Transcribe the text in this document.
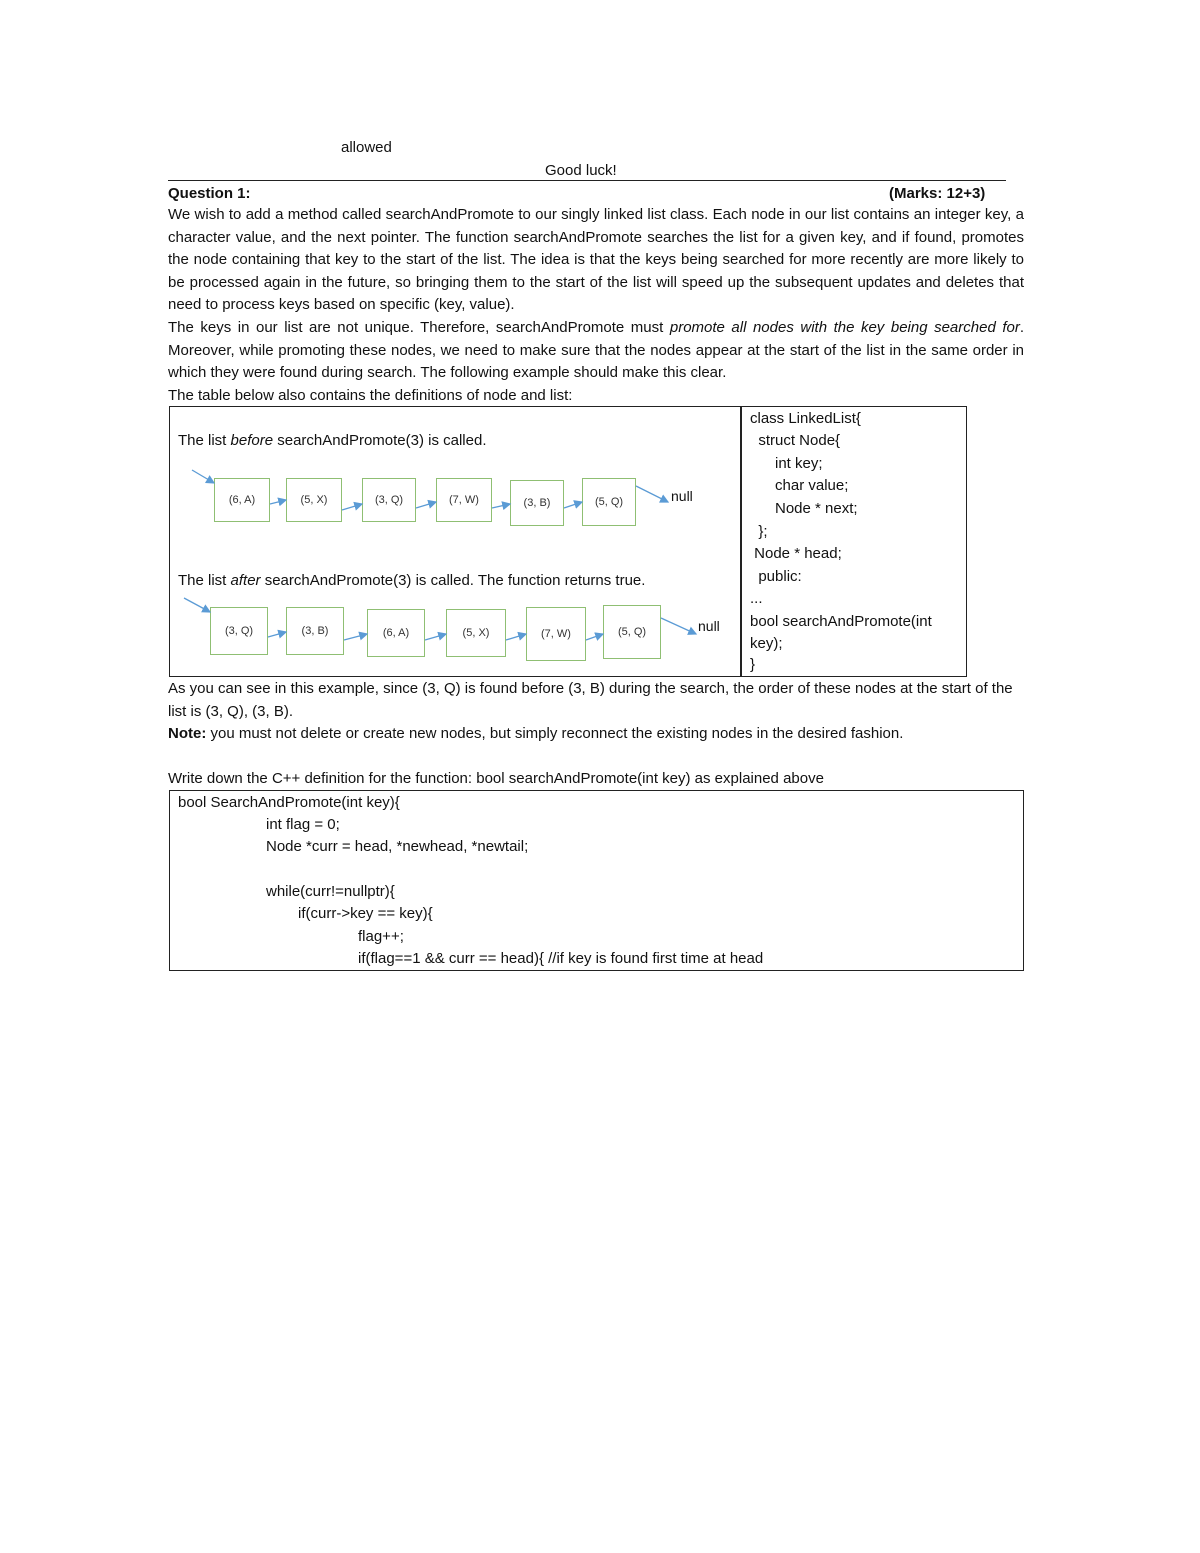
allowed
Good luck!
Question 1:	(Marks: 12+3)
We wish to add a method called searchAndPromote to our singly linked list class. Each node in our list contains an integer key, a character value, and the next pointer. The function searchAndPromote searches the list for a given key, and if found, promotes the node containing that key to the start of the list. The idea is that the keys being searched for more recently are more likely to be processed again in the future, so bringing them to the start of the list will speed up the subsequent updates and deletes that need to process keys based on specific (key, value).
The keys in our list are not unique. Therefore, searchAndPromote must promote all nodes with the key being searched for. Moreover, while promoting these nodes, we need to make sure that the nodes appear at the start of the list in the same order in which they were found during search. The following example should make this clear.
The table below also contains the definitions of node and list:
The list before searchAndPromote(3) is called.
(6, A)	(5, X)	(3, Q)	(7, W)	(3, B)	(5, Q)	null
The list after searchAndPromote(3) is called. The function returns true.
(3, Q)	(3, B)	(6, A)	(5, X)	(7, W)	(5, Q)	null
class LinkedList{
struct Node{
int key;
char value;
Node * next;
};
Node * head;
public:
...
bool searchAndPromote(int
key);
}
As you can see in this example, since (3, Q) is found before (3, B) during the search, the order of these nodes at the start of the list is (3, Q), (3, B).
Note: you must not delete or create new nodes, but simply reconnect the existing nodes in the desired fashion.
Write down the C++ definition for the function: bool searchAndPromote(int key) as explained above
bool SearchAndPromote(int key){
int flag = 0;
Node *curr = head, *newhead, *newtail;
while(curr!=nullptr){
if(curr->key == key){
flag++;
if(flag==1 && curr == head){ //if key is found first time at head
